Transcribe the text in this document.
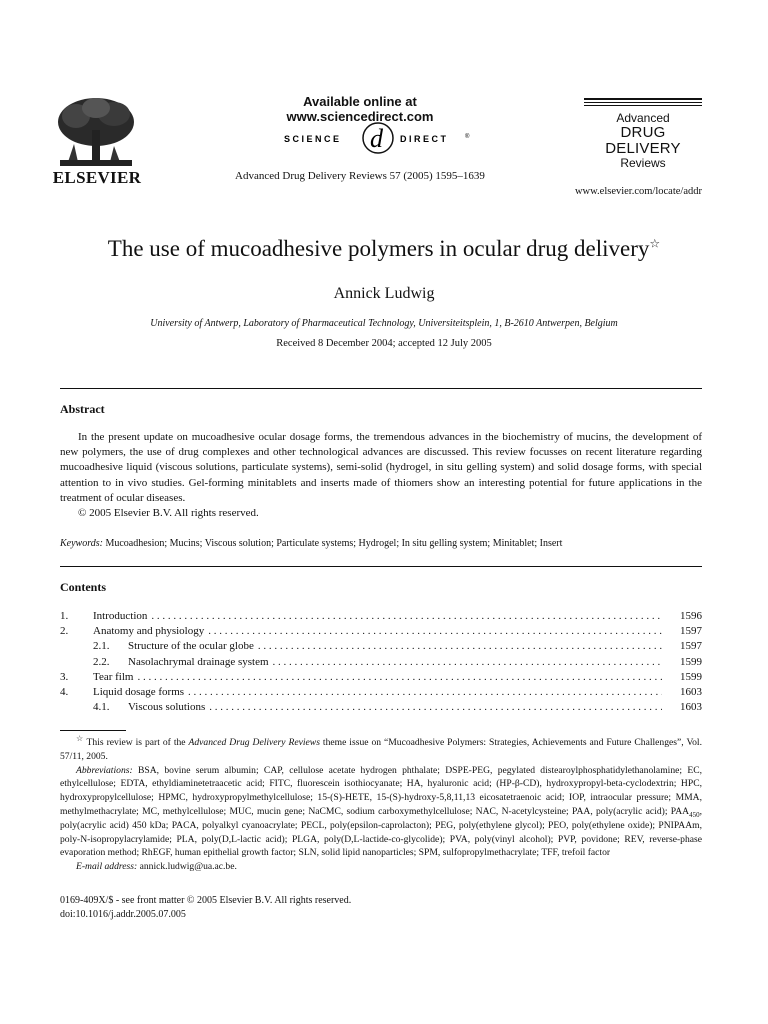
ELSEVIER
Available online at www.sciencedirect.com
SCIENCE d DIRECT	®
Advanced Drug Delivery Reviews 57 (2005) 1595–1639
Advanced
DRUG DELIVERY
Reviews
www.elsevier.com/locate/addr
The use of mucoadhesive polymers in ocular drug delivery☆
Annick Ludwig
University of Antwerp, Laboratory of Pharmaceutical Technology, Universiteitsplein, 1, B-2610 Antwerpen, Belgium
Received 8 December 2004; accepted 12 July 2005
Abstract

In the present update on mucoadhesive ocular dosage forms, the tremendous advances in the biochemistry of mucins, the development of new polymers, the use of drug complexes and other technological advances are discussed. This review focusses on recent literature regarding mucoadhesive liquid (viscous solutions, particulate systems), semi-solid (hydrogel, in situ gelling system) and solid dosage forms, with special attention to in vivo studies. Gel-forming minitablets and inserts made of thiomers show an interesting potential for future applications in the treatment of ocular diseases.

© 2005 Elsevier B.V. All rights reserved.

Keywords: Mucoadhesion; Mucins; Viscous solution; Particulate systems; Hydrogel; In situ gelling system; Minitablet; Insert
Contents
1.	Introduction . . .	1596
2.	Anatomy and physiology . . .	1597
2.1.	Structure of the ocular globe . . .	1597
2.2.	Nasolachrymal drainage system . . .	1599
3.	Tear film . . .	1599
4.	Liquid dosage forms . . .	1603
4.1.	Viscous solutions . . .	1603

☆ This review is part of the Advanced Drug Delivery Reviews theme issue on “Mucoadhesive Polymers: Strategies, Achievements and Future Challenges”, Vol. 57/11, 2005.

Abbreviations: BSA, bovine serum albumin; CAP, cellulose acetate hydrogen phthalate; DSPE-PEG, pegylated distearoylphosphatidylethanolamine; EC, ethylcellulose; EDTA, ethyldiaminetetraacetic acid; FITC, fluorescein isothiocyanate; HA, hyaluronic acid; (HP-β-CD), hydroxypropyl-beta-cyclodextrin; HPC, hydroxypropylcellulose; HPMC, hydroxypropylmethylcellulose; 15-(S)-HETE, 15-(S)-hydroxy-5,8,11,13 eicosatetraenoic acid; IOP, intraocular pressure; MMA, methylmethacrylate; MC, methylcellulose; MUC, mucin gene; NaCMC, sodium carboxymethylcellulose; NAC, N-acetylcysteine; PAA, poly(acrylic acid); $PAA_{450}$, poly(acrylic acid) 450 kDa; PACA, polyalkyl cyanoacrylate; PECL, poly(epsilon-caprolacton); PEG, poly(ethylene glycol); PEO, poly(ethylene oxide); PNIPAAm, poly-N-isopropylacrylamide; PLA, poly(D,L-lactic acid); PLGA, poly(D,L-lactide-co-glycolide); PVA, poly(vinyl alcohol); PVP, povidone; REV, reverse-phase evaporation method; RhEGF, human epithelial growth factor; SLN, solid lipid nanoparticles; SPM, sulfopropylmethacrylate; TFF, trefoil factor

E-mail address: annick.ludwig@ua.ac.be.

0169-409X/$ - see front matter © 2005 Elsevier B.V. All rights reserved.
doi:10.1016/j.addr.2005.07.005
